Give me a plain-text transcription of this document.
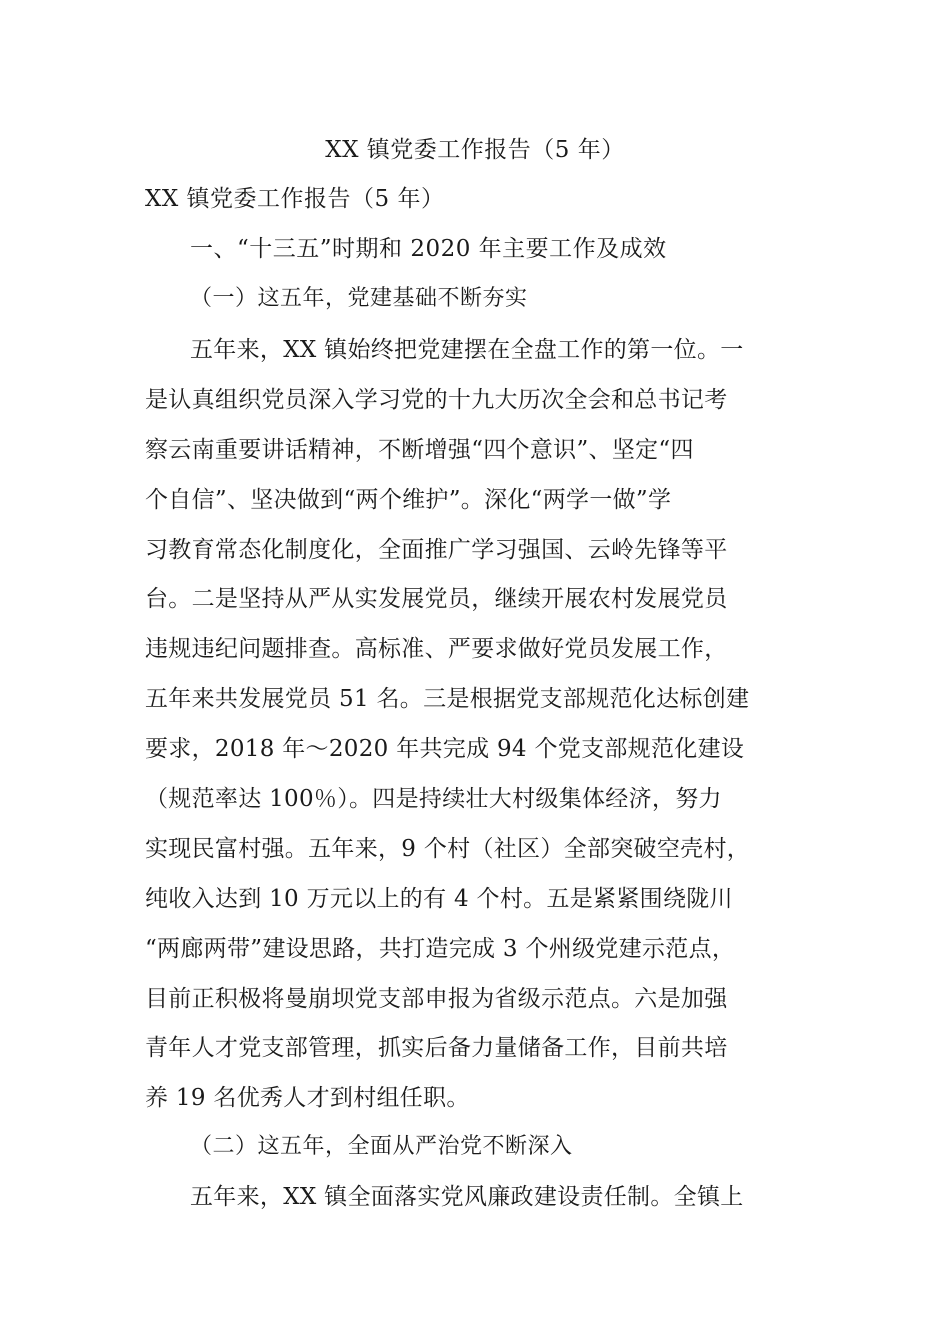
XX 镇党委工作报告（5 年）
XX 镇党委工作报告（5 年）
一、“十三五”时期和 2020 年主要工作及成效
（一）这五年，党建基础不断夯实
五年来，XX 镇始终把党建摆在全盘工作的第一位。一
是认真组织党员深入学习党的十九大历次全会和总书记考
察云南重要讲话精神，不断增强“四个意识”、坚定“四
个自信”、坚决做到“两个维护”。深化“两学一做”学
习教育常态化制度化，全面推广学习强国、云岭先锋等平
台。二是坚持从严从实发展党员，继续开展农村发展党员
违规违纪问题排查。高标准、严要求做好党员发展工作，
五年来共发展党员 51 名。三是根据党支部规范化达标创建
要求，2018 年～2020 年共完成 94 个党支部规范化建设
（规范率达 100％）。四是持续壮大村级集体经济，努力
实现民富村强。五年来，9 个村（社区）全部突破空壳村，
纯收入达到 10 万元以上的有 4 个村。五是紧紧围绕陇川
“两廊两带”建设思路，共打造完成 3 个州级党建示范点，
目前正积极将曼崩坝党支部申报为省级示范点。六是加强
青年人才党支部管理，抓实后备力量储备工作，目前共培
养 19 名优秀人才到村组任职。
（二）这五年，全面从严治党不断深入
五年来，XX 镇全面落实党风廉政建设责任制。全镇上
